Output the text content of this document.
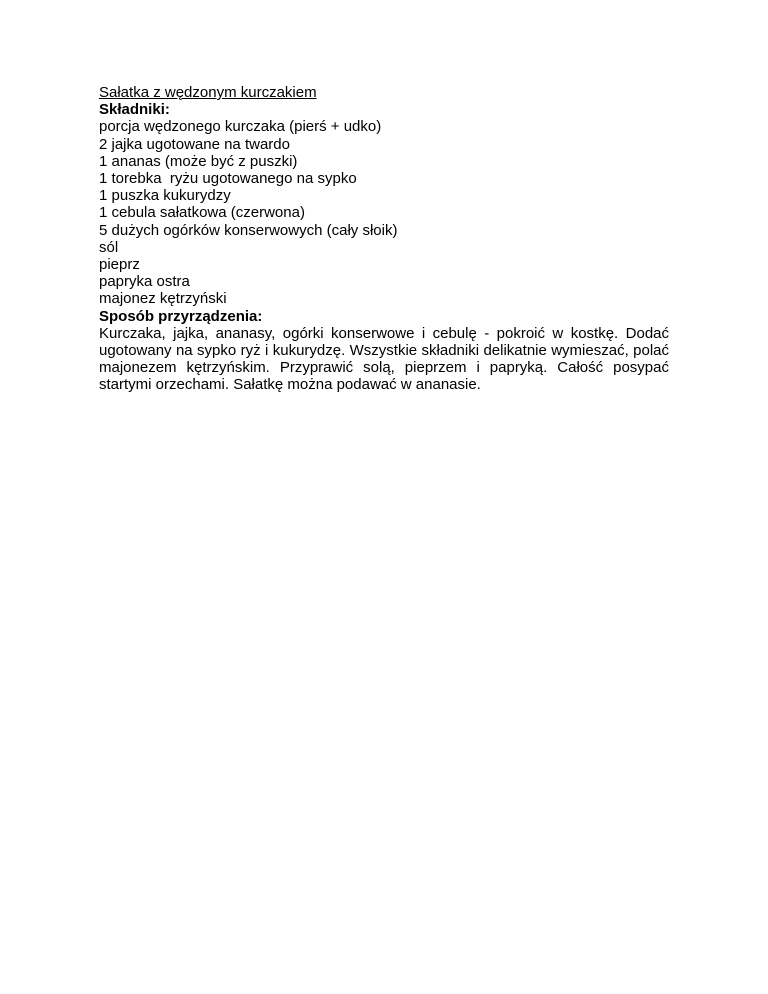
Sałatka z wędzonym kurczakiem

Składniki:

porcja wędzonego kurczaka (pierś + udko)
2 jajka ugotowane na twardo
1 ananas (może być z puszki)
1 torebka  ryżu ugotowanego na sypko
1 puszka kukurydzy
1 cebula sałatkowa (czerwona)
5 dużych ogórków konserwowych (cały słoik)
sól
pieprz
papryka ostra
majonez kętrzyński

Sposób przyrządzenia:

Kurczaka, jajka, ananasy, ogórki konserwowe i cebulę - pokroić w kostkę. Dodać ugotowany na sypko ryż i kukurydzę. Wszystkie składniki delikatnie wymieszać, polać majonezem kętrzyńskim. Przyprawić solą, pieprzem i papryką. Całość posypać startymi orzechami. Sałatkę można podawać w ananasie.
